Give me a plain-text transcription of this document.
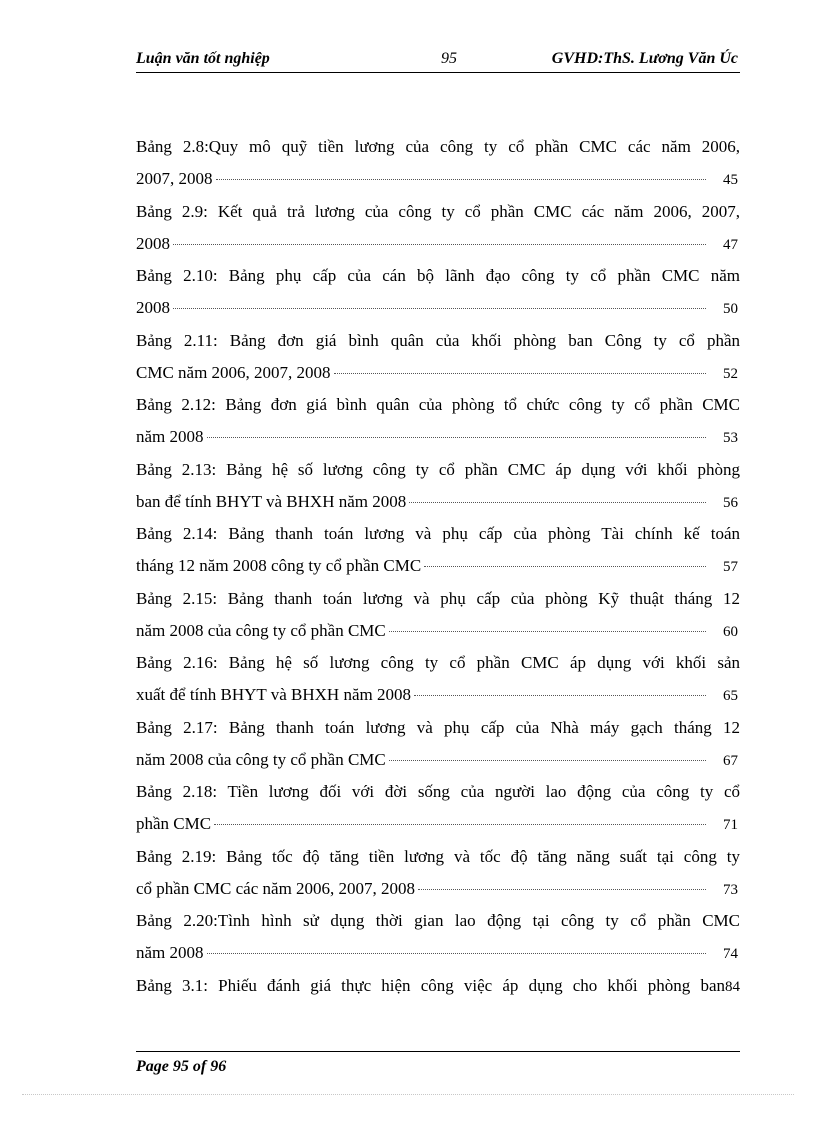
Luận văn tốt nghiệp	95	GVHD:ThS. Lương Văn Úc
Bảng 2.8:Quy mô quỹ tiền lương của công ty cổ phần CMC các năm 2006,
2007, 2008	45
Bảng 2.9: Kết quả trả lương của công ty cổ phần CMC các năm 2006, 2007,
2008	47
Bảng 2.10: Bảng phụ cấp của cán bộ lãnh đạo công ty cổ phần CMC năm
2008	50
Bảng 2.11: Bảng đơn giá bình quân của khối phòng ban Công ty cổ phần
CMC năm 2006, 2007, 2008	52
Bảng 2.12: Bảng đơn giá bình quân của phòng tổ chức công ty cổ phần CMC
năm 2008	53
Bảng 2.13: Bảng hệ số lương công ty cổ phần CMC áp dụng với khối phòng
ban để tính BHYT và BHXH năm 2008	56
Bảng 2.14: Bảng thanh toán lương và phụ cấp của phòng Tài chính kế toán
tháng 12 năm 2008 công ty cổ phần CMC	57
Bảng 2.15: Bảng thanh toán lương và phụ cấp của phòng Kỹ thuật tháng 12
năm 2008 của công ty cổ phần CMC	60
Bảng 2.16: Bảng hệ số lương công ty cổ phần CMC áp dụng với khối sản
xuất để tính BHYT và BHXH năm 2008	65
Bảng 2.17: Bảng thanh toán lương và phụ cấp của Nhà máy gạch tháng 12
năm 2008 của công ty cổ phần CMC	67
Bảng 2.18: Tiền lương đối với đời sống của người lao động của công ty cổ
phần CMC	71
Bảng 2.19: Bảng tốc độ tăng tiền lương và tốc độ tăng năng suất tại công ty
cổ phần CMC các năm 2006, 2007, 2008	73
Bảng 2.20:Tình hình sử dụng thời gian lao động tại công ty cổ phần CMC
năm 2008	74
Bảng 3.1: Phiếu đánh giá thực hiện công việc áp dụng cho khối phòng ban 84
Page 95 of 96
